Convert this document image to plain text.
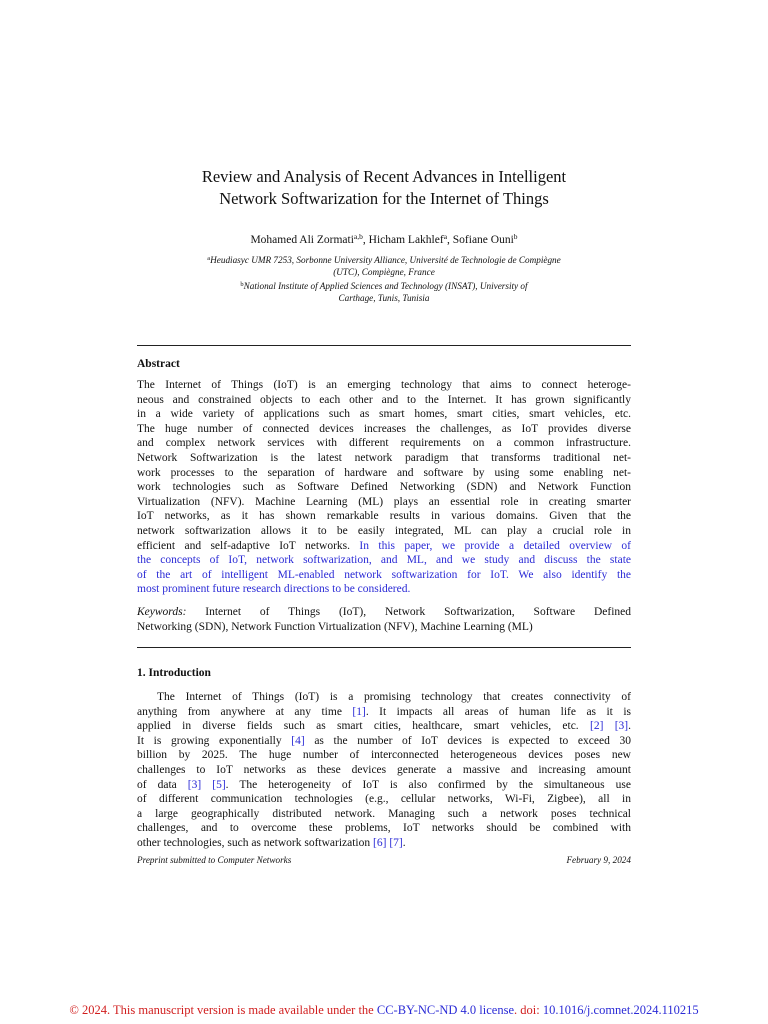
Review and Analysis of Recent Advances in Intelligent
Network Softwarization for the Internet of Things
Mohamed Ali Zormati$^{a,b}$, Hicham Lakhlef$^a$, Sofiane Ouni$^b$
$^a$Heudiasyc UMR 7253, Sorbonne University Alliance, Université de Technologie de Compiègne
(UTC), Compiègne, France
$^b$National Institute of Applied Sciences and Technology (INSAT), University of
Carthage, Tunis, Tunisia
Abstract
The Internet of Things (IoT) is an emerging technology that aims to connect heteroge-
neous and constrained objects to each other and to the Internet. It has grown significantly
in a wide variety of applications such as smart homes, smart cities, smart vehicles, etc.
The huge number of connected devices increases the challenges, as IoT provides diverse
and complex network services with different requirements on a common infrastructure.
Network Softwarization is the latest network paradigm that transforms traditional net-
work processes to the separation of hardware and software by using some enabling net-
work technologies such as Software Defined Networking (SDN) and Network Function
Virtualization (NFV). Machine Learning (ML) plays an essential role in creating smarter
IoT networks, as it has shown remarkable results in various domains. Given that the
network softwarization allows it to be easily integrated, ML can play a crucial role in
efficient and self-adaptive IoT networks. In this paper, we provide a detailed overview of
the concepts of IoT, network softwarization, and ML, and we study and discuss the state
of the art of intelligent ML-enabled network softwarization for IoT. We also identify the
most prominent future research directions to be considered.
Keywords: Internet of Things (IoT), Network Softwarization, Software Defined
Networking (SDN), Network Function Virtualization (NFV), Machine Learning (ML)
1. Introduction
The Internet of Things (IoT) is a promising technology that creates connectivity of
anything from anywhere at any time [1]. It impacts all areas of human life as it is
applied in diverse fields such as smart cities, healthcare, smart vehicles, etc. [2] [3].
It is growing exponentially [4] as the number of IoT devices is expected to exceed 30
billion by 2025. The huge number of interconnected heterogeneous devices poses new
challenges to IoT networks as these devices generate a massive and increasing amount
of data [3] [5]. The heterogeneity of IoT is also confirmed by the simultaneous use
of different communication technologies (e.g., cellular networks, Wi-Fi, Zigbee), all in
a large geographically distributed network. Managing such a network poses technical
challenges, and to overcome these problems, IoT networks should be combined with
other technologies, such as network softwarization [6] [7].
Preprint submitted to Computer Networks	February 9, 2024
© 2024. This manuscript version is made available under the CC-BY-NC-ND 4.0 license. doi: 10.1016/j.comnet.2024.110215
